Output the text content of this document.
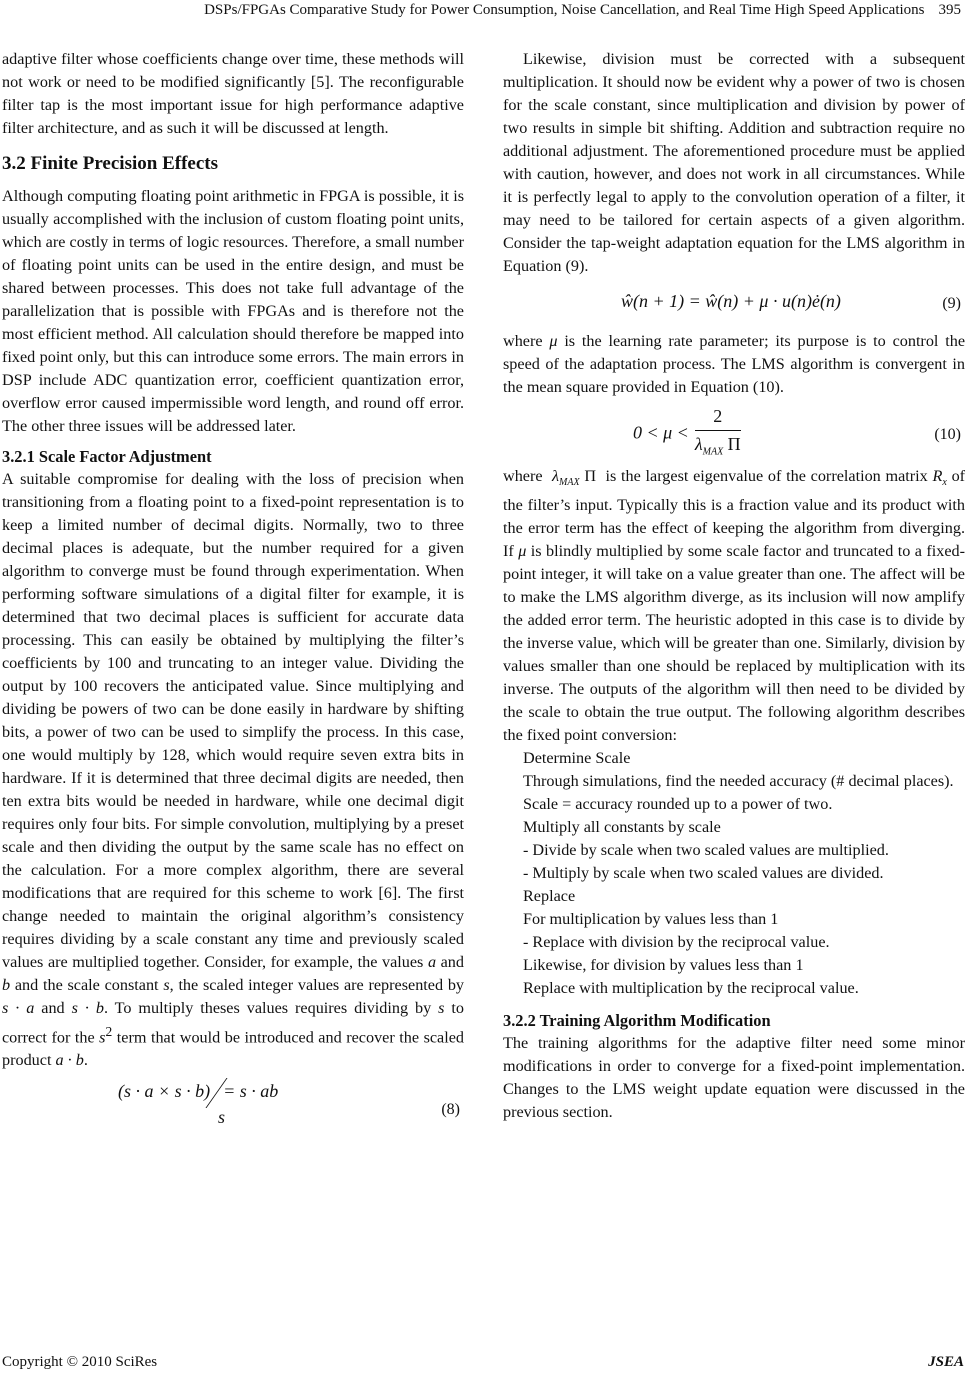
DSPs/FPGAs Comparative Study for Power Consumption, Noise Cancellation, and Real Time High Speed Applications 395

adaptive filter whose coefficients change over time, these methods will not work or need to be modified significantly [5]. The reconfigurable filter tap is the most important issue for high performance adaptive filter architecture, and as such it will be discussed at length.

3.2 Finite Precision Effects

Although computing floating point arithmetic in FPGA is possible, it is usually accomplished with the inclusion of custom floating point units, which are costly in terms of logic resources. Therefore, a small number of floating point units can be used in the entire design, and must be shared between processes. This does not take full advantage of the parallelization that is possible with FPGAs and is therefore not the most efficient method. All calculation should therefore be mapped into fixed point only, but this can introduce some errors. The main errors in DSP include ADC quantization error, coefficient quantization error, overflow error caused impermissible word length, and round off error. The other three issues will be addressed later.

3.2.1 Scale Factor Adjustment

A suitable compromise for dealing with the loss of precision when transitioning from a floating point to a fixed-point representation is to keep a limited number of decimal digits. Normally, two to three decimal places is adequate, but the number required for a given algorithm to converge must be found through experimentation. When performing software simulations of a digital filter for example, it is determined that two decimal places is sufficient for accurate data processing. This can easily be obtained by multiplying the filter’s coefficients by 100 and truncating to an integer value. Dividing the output by 100 recovers the anticipated value. Since multiplying and dividing be powers of two can be done easily in hardware by shifting bits, a power of two can be used to simplify the process. In this case, one would multiply by 128, which would require seven extra bits in hardware. If it is determined that three decimal digits are needed, then ten extra bits would be needed in hardware, while one decimal digit requires only four bits. For simple convolution, multiplying by a preset scale and then dividing the output by the same scale has no effect on the calculation. For a more complex algorithm, there are several modifications that are required for this scheme to work [6]. The first change needed to maintain the original algorithm’s consistency requires dividing by a scale constant any time and previously scaled values are multiplied together. Consider, for example, the values a and b and the scale constant s, the scaled integer values are represented by s · a and s · b. To multiply theses values requires dividing by s to correct for the $s^2$ term that would be introduced and recover the scaled product a · b.

(s · a × s · b) = s · ab
s	(8)

Likewise, division must be corrected with a subsequent multiplication. It should now be evident why a power of two is chosen for the scale constant, since multiplication and division by power of two results in simple bit shifting. Addition and subtraction require no additional adjustment. The aforementioned procedure must be applied with caution, however, and does not work in all circumstances. While it is perfectly legal to apply to the convolution operation of a filter, it may need to be tailored for certain aspects of a given algorithm. Consider the tap-weight adaptation equation for the LMS algorithm in Equation (9).

ŵ(n + 1) = ŵ(n) + μ · u(n)ė(n)	(9)

where μ is the learning rate parameter; its purpose is to control the speed of the adaptation process. The LMS algorithm is convergent in the mean square provided in Equation (10).

$0 < \mu < \frac{2}{\lambda_{MAX} \Pi}$	(10)

where $\lambda_{MAX}$ Π is the largest eigenvalue of the correlation matrix $R_x$ of the filter’s input. Typically this is a fraction value and its product with the error term has the effect of keeping the algorithm from diverging. If μ is blindly multiplied by some scale factor and truncated to a fixed-point integer, it will take on a value greater than one. The affect will be to make the LMS algorithm diverge, as its inclusion will now amplify the added error term. The heuristic adopted in this case is to divide by the inverse value, which will be greater than one. Similarly, division by values smaller than one should be replaced by multiplication with its inverse. The outputs of the algorithm will then need to be divided by the scale to obtain the true output. The following algorithm describes the fixed point conversion:

Determine Scale

Through simulations, find the needed accuracy (# decimal places).

Scale = accuracy rounded up to a power of two.

Multiply all constants by scale

- Divide by scale when two scaled values are multiplied.

- Multiply by scale when two scaled values are divided.

Replace

For multiplication by values less than 1

- Replace with division by the reciprocal value.

Likewise, for division by values less than 1

Replace with multiplication by the reciprocal value.

3.2.2 Training Algorithm Modification

The training algorithms for the adaptive filter need some minor modifications in order to converge for a fixed-point implementation. Changes to the LMS weight update equation were discussed in the previous section.

Copyright © 2010 SciRes	JSEA
